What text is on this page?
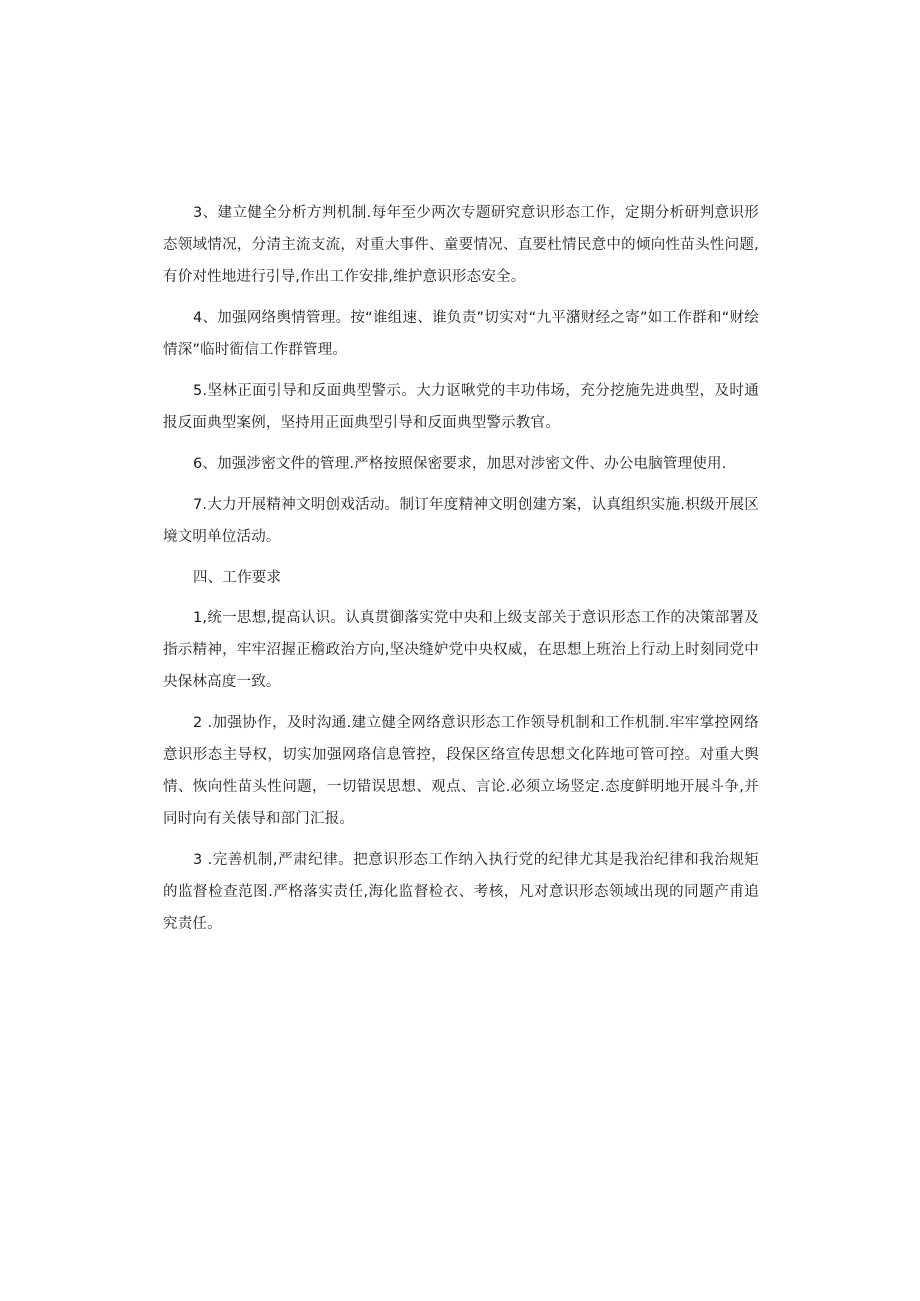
3、建立健全分析方判机制.每年至少两次专题研究意识形态工作，定期分析研判意识形态领域情况，分清主流支流，对重大事件、童要情况、直要杜情民意中的倾向性苗头性问题,有价对性地进行引导,作出工作安排,维护意识形态安全。

4、加强网络舆情管理。按“谁组速、谁负责”切实对“九平潴财经之寄”如工作群和“财绘情深”临时衜信工作群管理。

5.坚林正面引导和反面典型警示。大力讴啾党的丰功伟场，充分挖施先进典型，及时通报反面典型案例，坚持用正面典型引导和反面典型警示教官。

6、加强涉密文件的管理.严格按照保密要求，加思对涉密文件、办公电脑管理使用.

7.大力开展精神文明创戏活动。制订年度精神文明创建方案，认真组织实施.枳级开展区境文明单位活动。

四、工作要求

1,统一思想,提高认识。认真贯御落实党中央和上级支部关于意识形态工作的决策部署及指示精神，牢牢沼握正檐政治方向,坚决缝妒党中央权威，在思想上班治上行动上时刻同党中央保林高度一致。

2 .加强协作，及时沟通.建立健全网络意识形态工作领导机制和工作机制.牢牢掌控网络意识形态主导权，切实加强网珞信息管控，段保区络宣传思想文化阵地可管可控。对重大舆情、恢向性苗头性问题，一切错误思想、观点、言论.必须立场竖定.态度鲜明地开展斗争,并同时向有关俵导和部门汇报。

3 .完善机制,严肃纪律。把意识形态工作纳入执行党的纪律尤其是我治纪律和我治规矩的监督检查范图.严格落实责任,海化监督检衣、考核，凡对意识形态领域出现的同题产甫追究责任。
